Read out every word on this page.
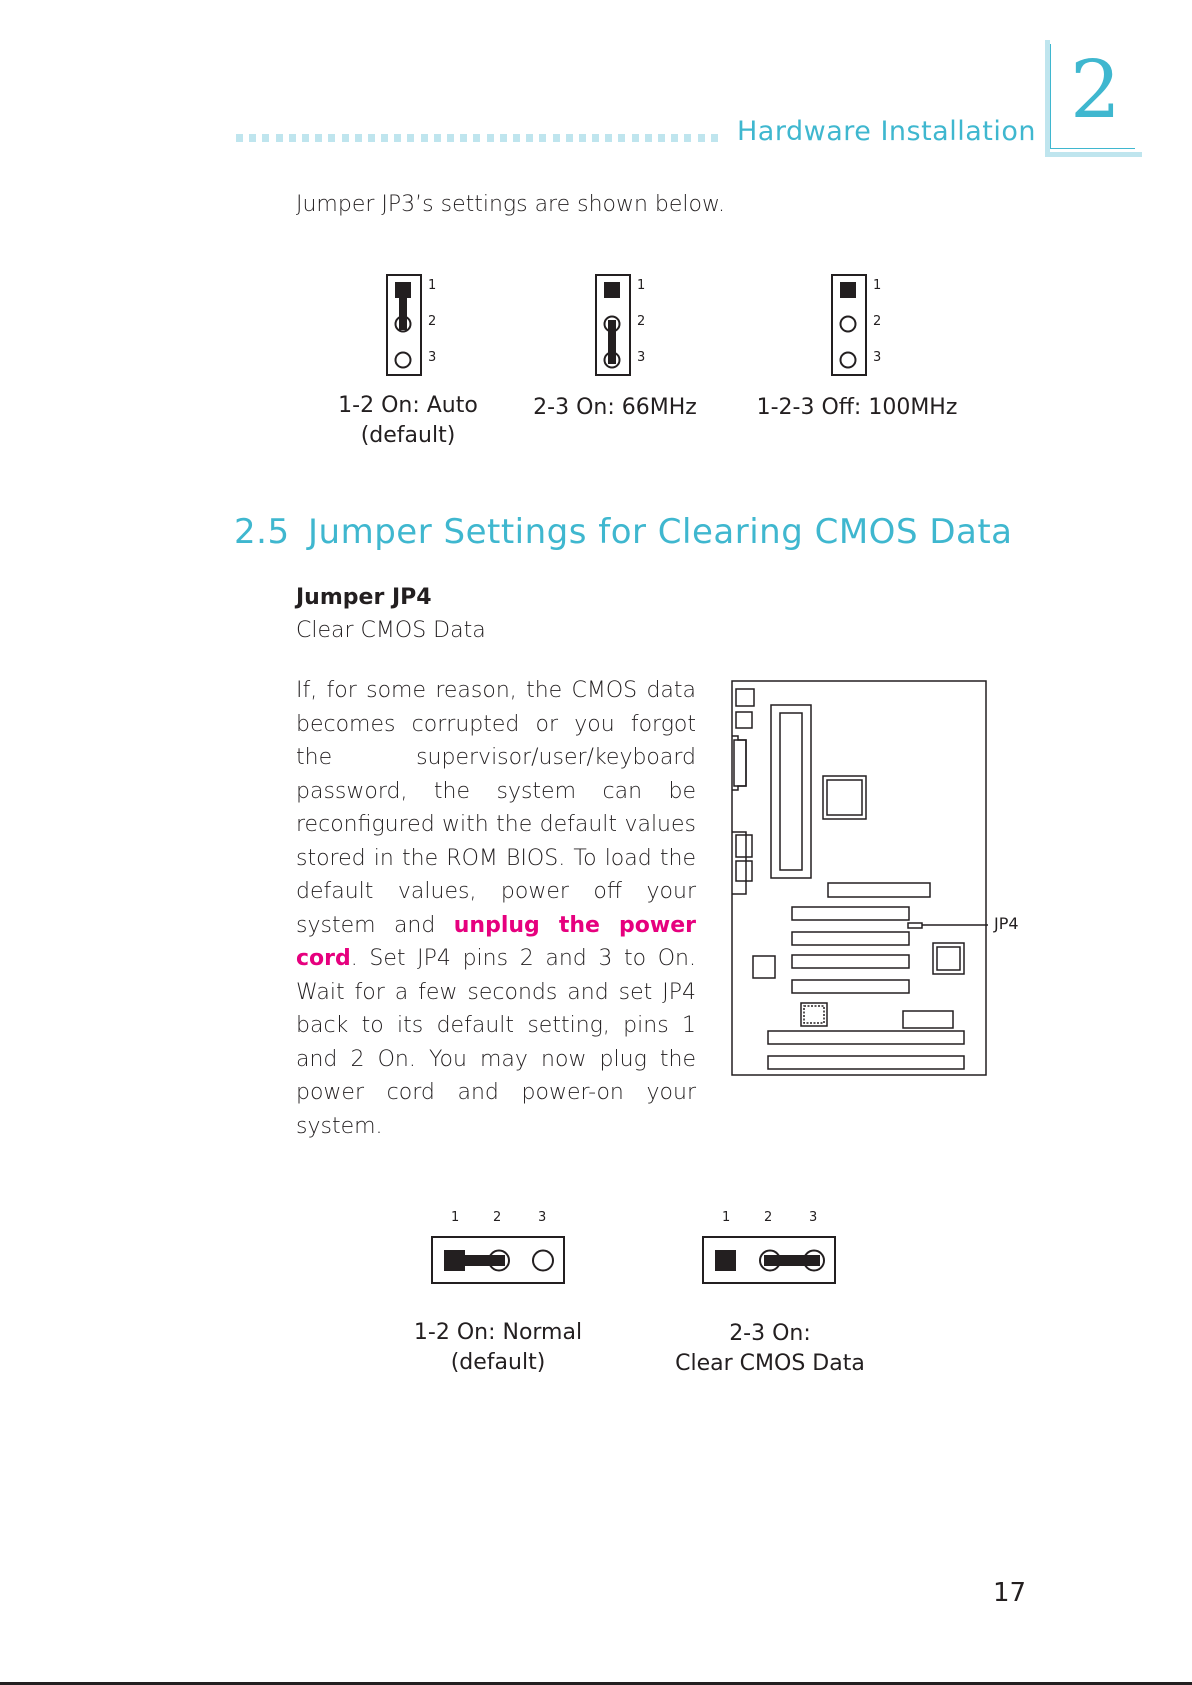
Hardware Installation 2
Jumper JP3’s settings are shown below.
1
2
3
1
2
3
1
2
3
1-2 On: Auto
(default)
2-3 On: 66MHz	1-2-3 Off: 100MHz
2.5 Jumper Settings for Clearing CMOS Data
Jumper JP4
Clear CMOS Data

If, for some reason, the CMOS data becomes corrupted or you forgot the supervisor/user/keyboard password, the system can be reconfigured with the default values stored in the ROM BIOS. To load the default values, power off your system and unplug the power cord. Set JP4 pins 2 and 3 to On. Wait for a few seconds and set JP4 back to its default setting, pins 1 and 2 On. You may now plug the power cord and power-on your system.

JP4
1	2	3	1	2	3
1-2 On: Normal
(default)
2-3 On:
Clear CMOS Data
17
